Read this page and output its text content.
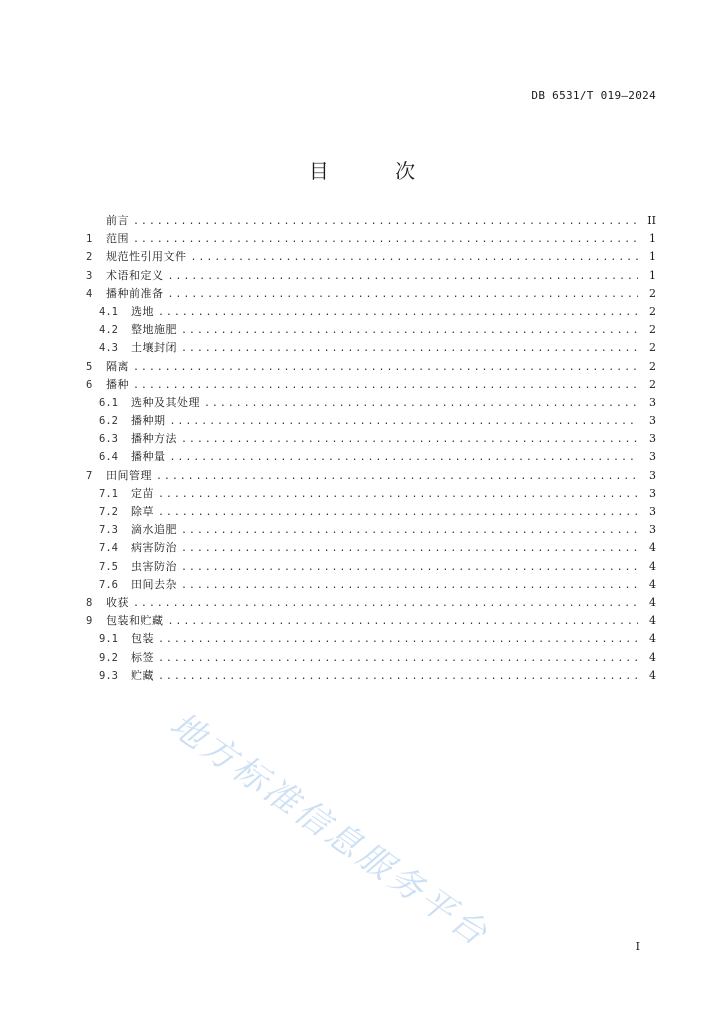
DB 6531/T 019—2024
目 次
前言 .....	II
1	范围 .....	1
2	规范性引用文件 .....	1
3	术语和定义 .....	1
4	播种前准备 .....	2
4.1	选地 .....	2
4.2	整地施肥 .....	2
4.3	土壤封闭 .....	2
5	隔离 .....	2
6	播种 .....	2
6.1	选种及其处理 .....	3
6.2	播种期 .....	3
6.3	播种方法 .....	3
6.4	播种量 .....	3
7	田间管理 .....	3
7.1	定苗 .....	3
7.2	除草 .....	3
7.3	滴水追肥 .....	3
7.4	病害防治 .....	4
7.5	虫害防治 .....	4
7.6	田间去杂 .....	4
8	收获 .....	4
9	包装和贮藏 .....	4
9.1	包装 .....	4
9.2	标签 .....	4
9.3	贮藏 .....	4
地方标准信息服务平台	I
